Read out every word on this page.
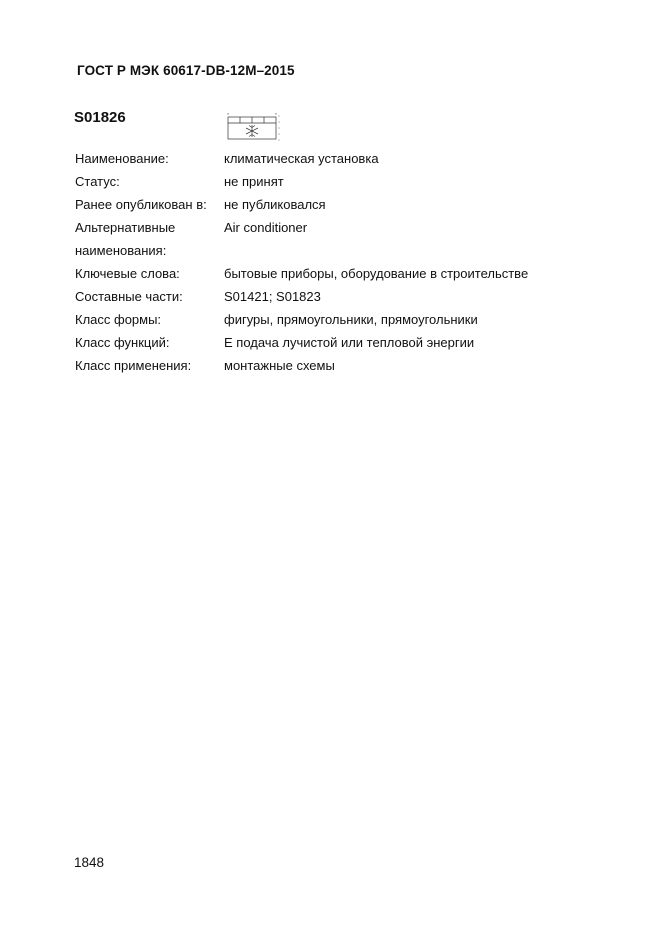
ГОСТ Р МЭК 60617-DB-12M–2015
S01826
Наименование:	климатическая установка
Статус:	не принят
Ранее опубликован в:	не публиковался
Альтернативные наименования:
Air conditioner
Ключевые слова:	бытовые приборы, оборудование в строительстве
Составные части:	S01421; S01823
Класс формы:	фигуры, прямоугольники, прямоугольники
Класс функций:	E подача лучистой или тепловой энергии
Класс применения:	монтажные схемы
1848
